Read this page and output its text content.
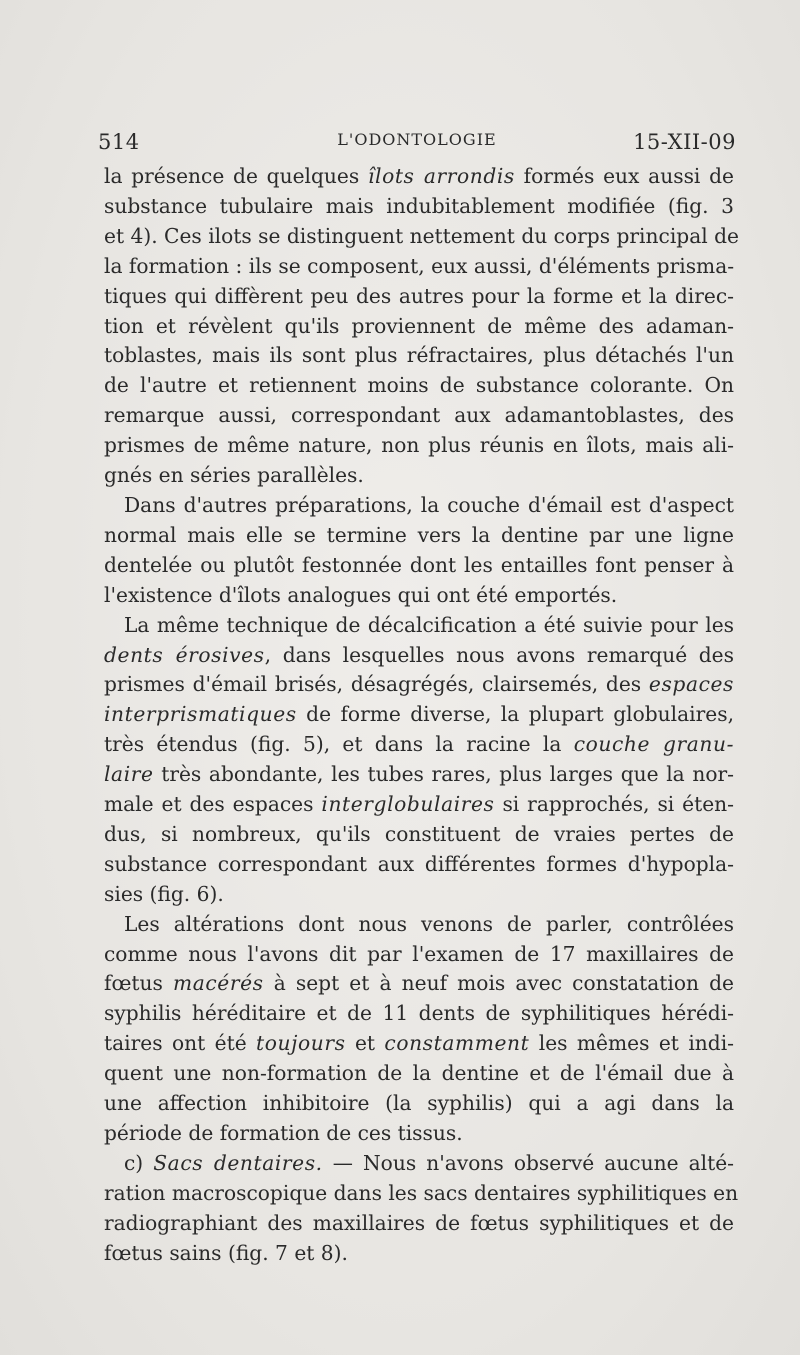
514	L'ODONTOLOGIE	15-XII-09
la présence de quelques îlots arrondis formés eux aussi de
substance tubulaire mais indubitablement modifiée (fig. 3
et 4). Ces ilots se distinguent nettement du corps principal de
la formation : ils se composent, eux aussi, d'éléments prisma-
tiques qui diffèrent peu des autres pour la forme et la direc-
tion et révèlent qu'ils proviennent de même des adaman-
toblastes, mais ils sont plus réfractaires, plus détachés l'un
de l'autre et retiennent moins de substance colorante. On
remarque aussi, correspondant aux adamantoblastes, des
prismes de même nature, non plus réunis en îlots, mais ali-
gnés en séries parallèles.
Dans d'autres préparations, la couche d'émail est d'aspect
normal mais elle se termine vers la dentine par une ligne
dentelée ou plutôt festonnée dont les entailles font penser à
l'existence d'îlots analogues qui ont été emportés.
La même technique de décalcification a été suivie pour les
dents érosives, dans lesquelles nous avons remarqué des
prismes d'émail brisés, désagrégés, clairsemés, des espaces
interprismatiques de forme diverse, la plupart globulaires,
très étendus (fig. 5), et dans la racine la couche granu-
laire très abondante, les tubes rares, plus larges que la nor-
male et des espaces interglobulaires si rapprochés, si éten-
dus, si nombreux, qu'ils constituent de vraies pertes de
substance correspondant aux différentes formes d'hypopla-
sies (fig. 6).
Les altérations dont nous venons de parler, contrôlées
comme nous l'avons dit par l'examen de 17 maxillaires de
fœtus macérés à sept et à neuf mois avec constatation de
syphilis héréditaire et de 11 dents de syphilitiques hérédi-
taires ont été toujours et constamment les mêmes et indi-
quent une non-formation de la dentine et de l'émail due à
une affection inhibitoire (la syphilis) qui a agi dans la
période de formation de ces tissus.
c) Sacs dentaires. — Nous n'avons observé aucune alté-
ration macroscopique dans les sacs dentaires syphilitiques en
radiographiant des maxillaires de fœtus syphilitiques et de
fœtus sains (fig. 7 et 8).
